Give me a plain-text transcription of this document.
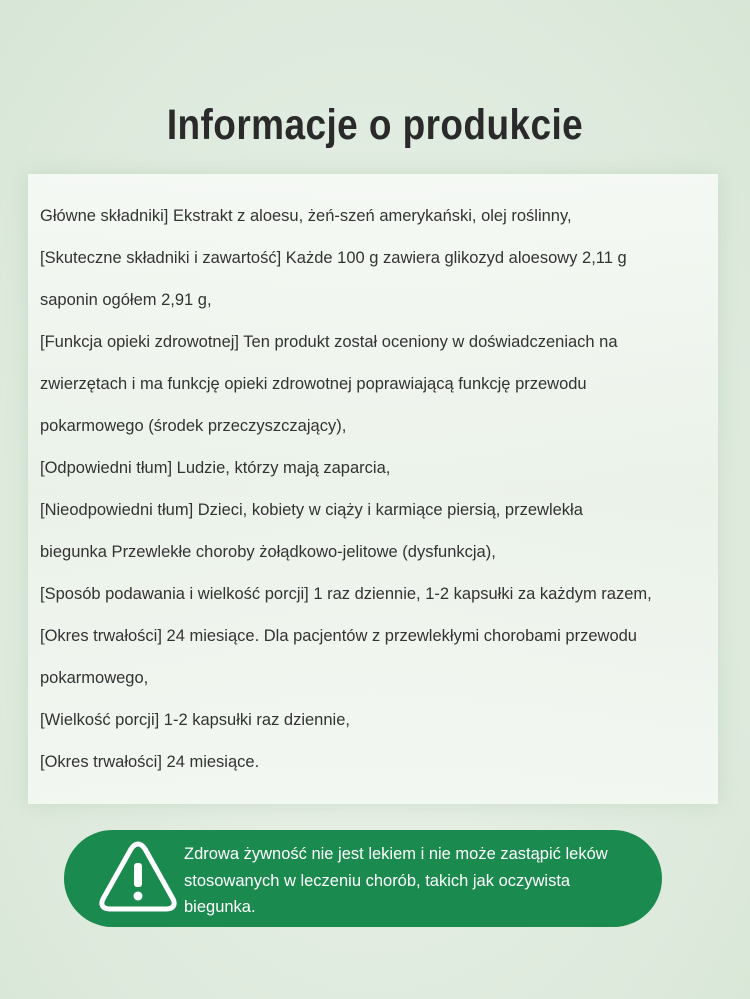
Informacje o produkcie
Główne składniki] Ekstrakt z aloesu, żeń-szeń amerykański, olej roślinny,
[Skuteczne składniki i zawartość] Każde 100 g zawiera glikozyd aloesowy 2,11 g
saponin ogółem 2,91 g,
[Funkcja opieki zdrowotnej] Ten produkt został oceniony w doświadczeniach na
zwierzętach i ma funkcję opieki zdrowotnej poprawiającą funkcję przewodu
pokarmowego (środek przeczyszczający),
[Odpowiedni tłum] Ludzie, którzy mają zaparcia,
[Nieodpowiedni tłum] Dzieci, kobiety w ciąży i karmiące piersią, przewlekła
biegunka Przewlekłe choroby żołądkowo-jelitowe (dysfunkcja),
[Sposób podawania i wielkość porcji] 1 raz dziennie, 1-2 kapsułki za każdym razem,
[Okres trwałości] 24 miesiące. Dla pacjentów z przewlekłymi chorobami przewodu
pokarmowego,
[Wielkość porcji] 1-2 kapsułki raz dziennie,
[Okres trwałości] 24 miesiące.

Zdrowa żywność nie jest lekiem i nie może zastąpić leków
stosowanych w leczeniu chorób, takich jak oczywista
biegunka.
